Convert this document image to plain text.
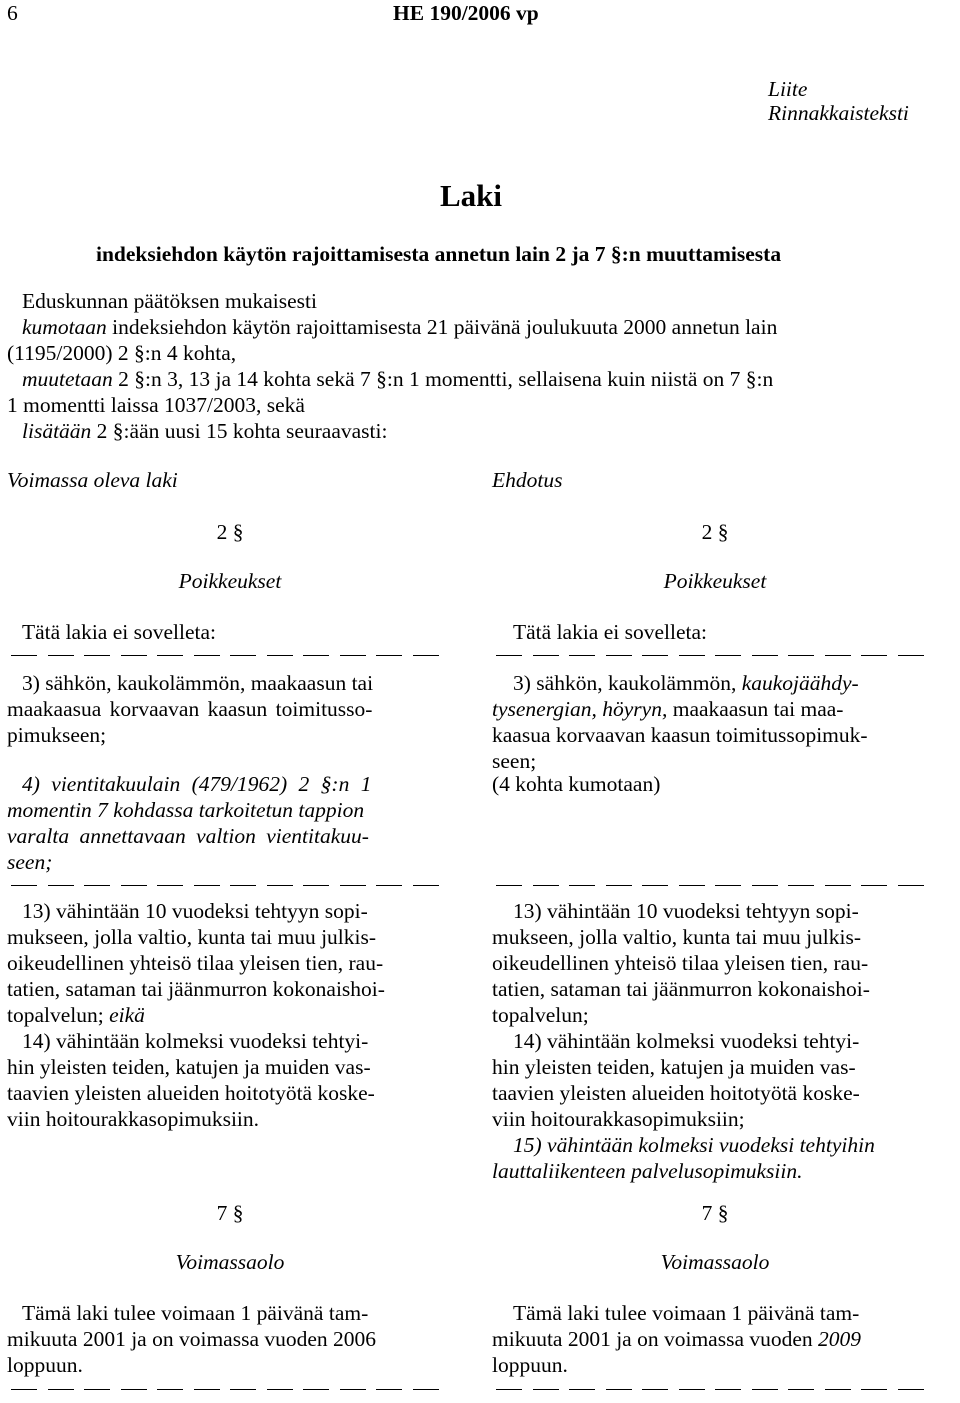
6	HE 190/2006 vp
Liite
Rinnakkaisteksti
Laki
indeksiehdon käytön rajoittamisesta annetun lain 2 ja 7 §:n muuttamisesta
Eduskunnan päätöksen mukaisesti
kumotaan indeksiehdon käytön rajoittamisesta 21 päivänä joulukuuta 2000 annetun lain
(1195/2000) 2 §:n 4 kohta,
muutetaan 2 §:n 3, 13 ja 14 kohta sekä 7 §:n 1 momentti, sellaisena kuin niistä on 7 §:n
1 momentti laissa 1037/2003, sekä
lisätään 2 §:ään uusi 15 kohta seuraavasti:
Voimassa oleva laki
2 §
Poikkeukset
Tätä lakia ei sovelleta:
3) sähkön, kaukolämmön, maakaasun tai
maakaasua korvaavan kaasun toimitusso-
pimukseen;
4) vientitakuulain (479/1962) 2 §:n 1
momentin 7 kohdassa tarkoitetun tappion
varalta annettavaan valtion vientitakuu-
seen;
13) vähintään 10 vuodeksi tehtyyn sopi-
mukseen, jolla valtio, kunta tai muu julkis-
oikeudellinen yhteisö tilaa yleisen tien, rau-
tatien, sataman tai jäänmurron kokonaishoi-
topalvelun; eikä
14) vähintään kolmeksi vuodeksi tehtyi-
hin yleisten teiden, katujen ja muiden vas-
taavien yleisten alueiden hoitotyötä koske-
viin hoitourakkasopimuksiin.
7 §
Voimassaolo
Tämä laki tulee voimaan 1 päivänä tam-
mikuuta 2001 ja on voimassa vuoden 2006
loppuun.
Ehdotus
2 §
Poikkeukset
Tätä lakia ei sovelleta:
3) sähkön, kaukolämmön, kaukojäähdy-
tysenergian, höyryn, maakaasun tai maa-
kaasua korvaavan kaasun toimitussopimuk-
seen;
(4 kohta kumotaan)
13) vähintään 10 vuodeksi tehtyyn sopi-
mukseen, jolla valtio, kunta tai muu julkis-
oikeudellinen yhteisö tilaa yleisen tien, rau-
tatien, sataman tai jäänmurron kokonaishoi-
topalvelun;
14) vähintään kolmeksi vuodeksi tehtyi-
hin yleisten teiden, katujen ja muiden vas-
taavien yleisten alueiden hoitotyötä koske-
viin hoitourakkasopimuksiin;
15) vähintään kolmeksi vuodeksi tehtyihin
lauttaliikenteen palvelusopimuksiin.
7 §
Voimassaolo
Tämä laki tulee voimaan 1 päivänä tam-
mikuuta 2001 ja on voimassa vuoden 2009
loppuun.
